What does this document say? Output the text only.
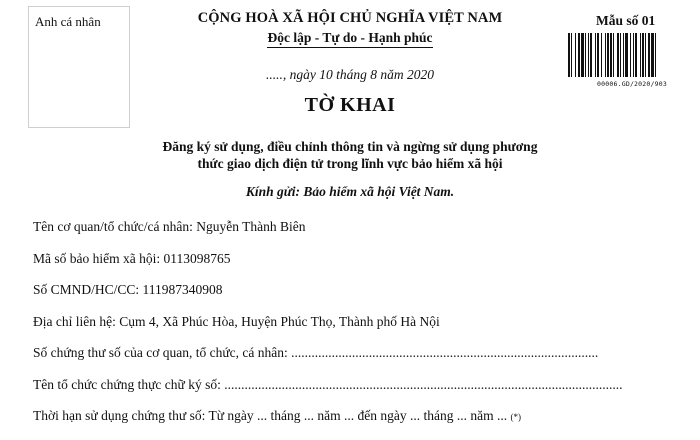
Anh cá nhân	CỘNG HOÀ XÃ HỘI CHỦ NGHĨA VIỆT NAM
Độc lập - Tự do - Hạnh phúc
Mẫu số 01
00006.GD/2020/903
....., ngày 10 tháng 8 năm 2020
TỜ KHAI
Đăng ký sử dụng, điều chỉnh thông tin và ngừng sử dụng phương
thức giao dịch điện tử trong lĩnh vực bảo hiểm xã hội
Kính gửi: Bảo hiểm xã hội Việt Nam.
Tên cơ quan/tổ chức/cá nhân: Nguyễn Thành Biên
Mã số bảo hiểm xã hội: 0113098765
Số CMND/HC/CC: 111987340908
Địa chỉ liên hệ: Cụm 4, Xã Phúc Hòa, Huyện Phúc Thọ, Thành phố Hà Nội
Số chứng thư số của cơ quan, tổ chức, cá nhân: ...........................................................................................
Tên tổ chức chứng thực chữ ký số: ......................................................................................................................
Thời hạn sử dụng chứng thư số: Từ ngày ... tháng ... năm ... đến ngày ... tháng ... năm ... (*)
